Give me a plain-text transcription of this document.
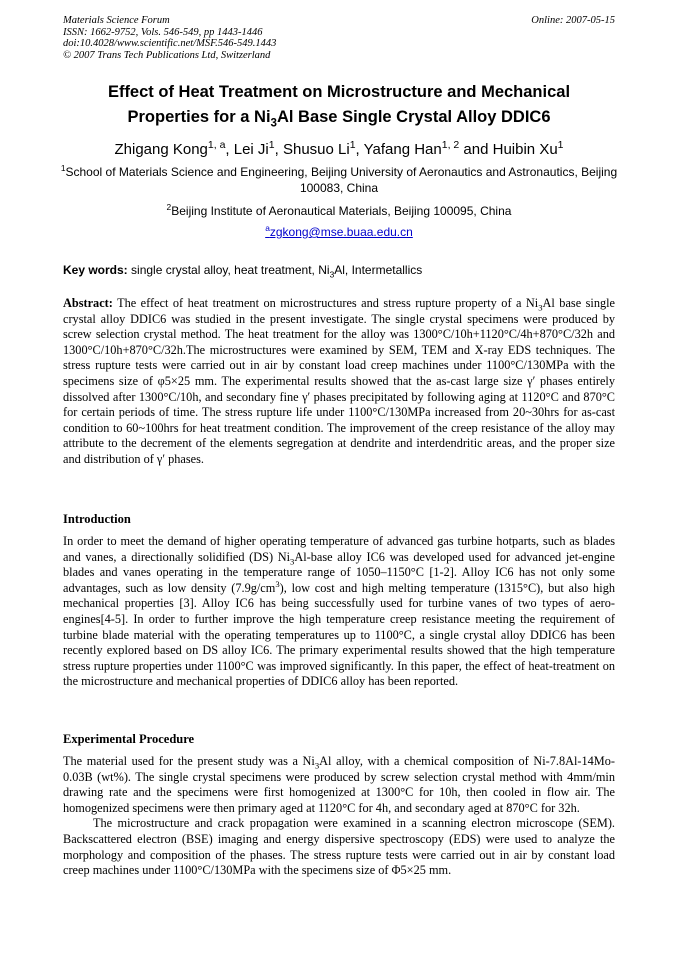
Materials Science Forum
ISSN: 1662-9752, Vols. 546-549, pp 1443-1446
doi:10.4028/www.scientific.net/MSF.546-549.1443
© 2007 Trans Tech Publications Ltd, Switzerland
Online: 2007-05-15
Effect of Heat Treatment on Microstructure and Mechanical
Properties for a $Ni_3Al$ Base Single Crystal Alloy DDIC6
Zhigang Kong$^{1, a}$, Lei Ji$^1$, Shusuo Li$^1$, Yafang Han$^{1, 2}$ and Huibin Xu$^1$
$^1$School of Materials Science and Engineering, Beijing University of Aeronautics and Astronautics, Beijing 100083, China
$^2$Beijing Institute of Aeronautical Materials, Beijing 100095, China
$^a$zgkong@mse.buaa.edu.cn
Key words: single crystal alloy, heat treatment, $Ni_3Al$, Intermetallics

Abstract: The effect of heat treatment on microstructures and stress rupture property of a $Ni_3Al$ base single crystal alloy DDIC6 was studied in the present investigate. The single crystal specimens were produced by screw selection crystal method. The heat treatment for the alloy was 1300°C/10h+1120°C/4h+870°C/32h and 1300°C/10h+870°C/32h.The microstructures were examined by SEM, TEM and X-ray EDS techniques. The stress rupture tests were carried out in air by constant load creep machines under 1100°C/130MPa with the specimens size of φ5×25 mm. The experimental results showed that the as-cast large size γ′ phases entirely dissolved after 1300°C/10h, and secondary fine γ′ phases precipitated by following aging at 1120°C and 870°C for certain periods of time. The stress rupture life under 1100°C/130MPa increased from 20~30hrs for as-cast condition to 60~100hrs for heat treatment condition. The improvement of the creep resistance of the alloy may attribute to the decrement of the elements segregation at dendrite and interdendritic areas, and the proper size and distribution of γ′ phases.

Introduction

In order to meet the demand of higher operating temperature of advanced gas turbine hotparts, such as blades and vanes, a directionally solidified (DS) $Ni_3Al$-base alloy IC6 was developed used for advanced jet-engine blades and vanes operating in the temperature range of 1050–1150°C [1-2]. Alloy IC6 has not only some advantages, such as low density $(7.9g/cm^3)$, low cost and high melting temperature (1315°C), but also high mechanical properties [3]. Alloy IC6 has being successfully used for turbine vanes of two types of aero-engines[4-5]. In order to further improve the high temperature creep resistance meeting the requirement of turbine blade material with the operating temperatures up to 1100°C, a single crystal alloy DDIC6 has been recently explored based on DS alloy IC6. The primary experimental results showed that the high temperature stress rupture properties under 1100°C was improved significantly. In this paper, the effect of heat-treatment on the microstructure and mechanical properties of DDIC6 alloy has been reported.

Experimental Procedure

The material used for the present study was a $Ni_3Al$ alloy, with a chemical composition of Ni-7.8Al-14Mo-0.03B (wt%). The single crystal specimens were produced by screw selection crystal method with 4mm/min drawing rate and the specimens were first homogenized at 1300°C for 10h, then cooled in flow air. The homogenized specimens were then primary aged at 1120°C for 4h, and secondary aged at 870°C for 32h.

The microstructure and crack propagation were examined in a scanning electron microscope (SEM). Backscattered electron (BSE) imaging and energy dispersive spectroscopy (EDS) were used to analyze the morphology and composition of the phases. The stress rupture tests were carried out in air by constant load creep machines under 1100°C/130MPa with the specimens size of Φ5×25 mm.
